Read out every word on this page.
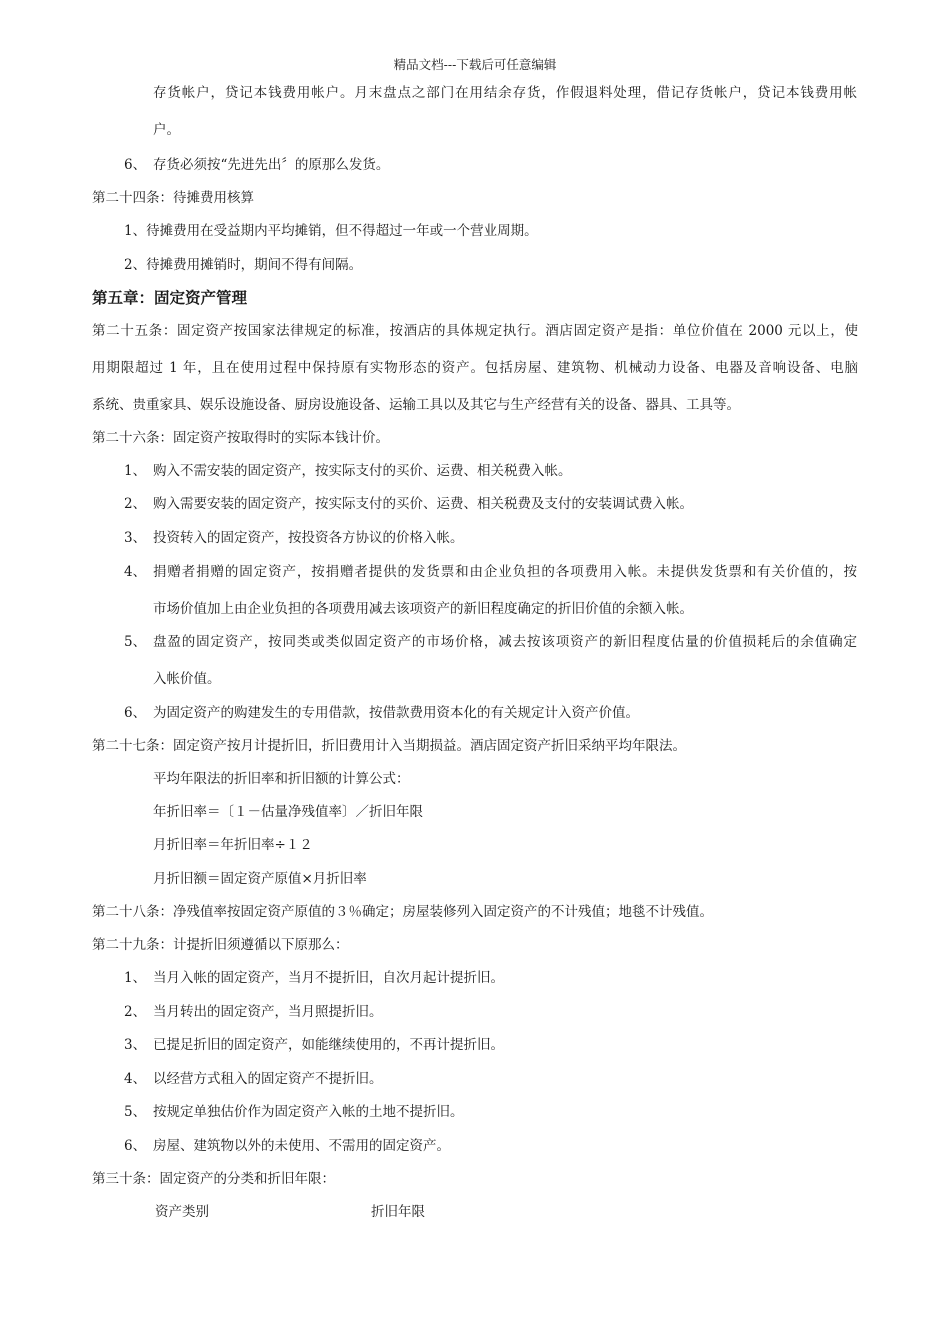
精品文档---下载后可任意编辑
存货帐户，贷记本钱费用帐户。月末盘点之部门在用结余存货，作假退料处理，借记存货帐户，贷记本钱费用帐
户。
6、 存货必须按“先进先出〞的原那么发货。
第二十四条：待摊费用核算
1、待摊费用在受益期内平均摊销，但不得超过一年或一个营业周期。
2、待摊费用摊销时，期间不得有间隔。
第五章：固定资产管理
第二十五条：固定资产按国家法律规定的标准，按酒店的具体规定执行。酒店固定资产是指：单位价值在 2000 元以上，使
用期限超过 1 年，且在使用过程中保持原有实物形态的资产。包括房屋、建筑物、机械动力设备、电器及音响设备、电脑
系统、贵重家具、娱乐设施设备、厨房设施设备、运输工具以及其它与生产经营有关的设备、器具、工具等。
第二十六条：固定资产按取得时的实际本钱计价。
1、 购入不需安装的固定资产，按实际支付的买价、运费、相关税费入帐。
2、 购入需要安装的固定资产，按实际支付的买价、运费、相关税费及支付的安装调试费入帐。
3、 投资转入的固定资产，按投资各方协议的价格入帐。
4、 捐赠者捐赠的固定资产，按捐赠者提供的发货票和由企业负担的各项费用入帐。未提供发货票和有关价值的，按
市场价值加上由企业负担的各项费用减去该项资产的新旧程度确定的折旧价值的余额入帐。
5、 盘盈的固定资产，按同类或类似固定资产的市场价格，减去按该项资产的新旧程度估量的价值损耗后的余值确定
入帐价值。
6、 为固定资产的购建发生的专用借款，按借款费用资本化的有关规定计入资产价值。
第二十七条：固定资产按月计提折旧，折旧费用计入当期损益。酒店固定资产折旧采纳平均年限法。
平均年限法的折旧率和折旧额的计算公式：
年折旧率＝〔１－估量净残值率〕／折旧年限
月折旧率＝年折旧率÷１２
月折旧额＝固定资产原值×月折旧率
第二十八条：净残值率按固定资产原值的３％确定；房屋装修列入固定资产的不计残值；地毯不计残值。
第二十九条：计提折旧须遵循以下原那么：
1、 当月入帐的固定资产，当月不提折旧，自次月起计提折旧。
2、 当月转出的固定资产，当月照提折旧。
3、 已提足折旧的固定资产，如能继续使用的，不再计提折旧。
4、 以经营方式租入的固定资产不提折旧。
5、 按规定单独估价作为固定资产入帐的土地不提折旧。
6、 房屋、建筑物以外的未使用、不需用的固定资产。
第三十条：固定资产的分类和折旧年限：
资产类别	折旧年限
